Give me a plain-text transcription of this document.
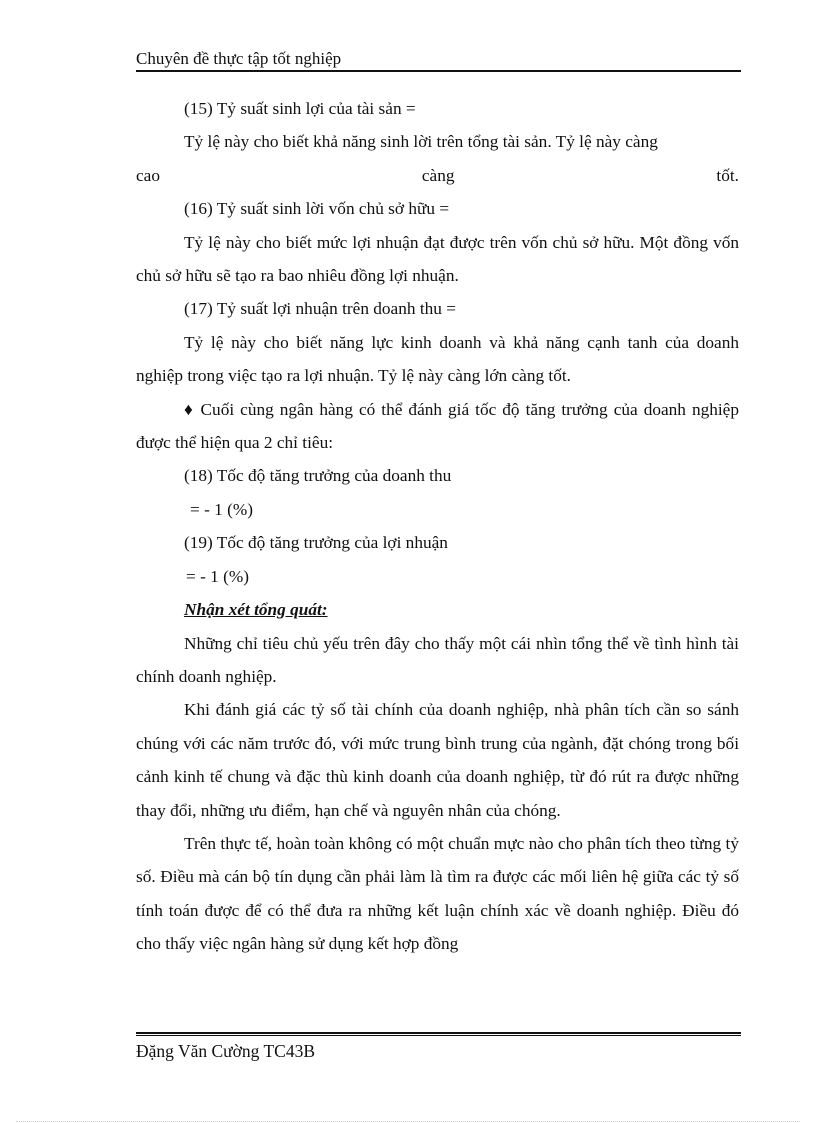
Chuyên đề thực tập tốt nghiệp

(15) Tỷ suất sinh lợi của tài sản =

Tỷ lệ này cho biết khả năng sinh lời trên tổng tài sản. Tỷ lệ này càng

cao	càng	tốt.

(16) Tỷ suất sinh lời vốn chủ sở hữu =

Tỷ lệ này cho biết mức lợi nhuận đạt được trên vốn chủ sở hữu. Một đồng vốn chủ sở hữu sẽ tạo ra bao nhiêu đồng lợi nhuận.

(17) Tỷ suất lợi nhuận trên doanh thu =

Tỷ lệ này cho biết năng lực kinh doanh và khả năng cạnh tanh của doanh nghiệp trong việc tạo ra lợi nhuận. Tỷ lệ này càng lớn càng tốt.

♦ Cuối cùng ngân hàng có thể đánh giá tốc độ tăng trưởng của doanh nghiệp được thể hiện qua 2 chỉ tiêu:

(18) Tốc độ tăng trưởng của doanh thu

= - 1 (%)

(19) Tốc độ tăng trưởng của lợi nhuận

= - 1 (%)

Nhận xét tổng quát:

Những chỉ tiêu chủ yếu trên đây cho thấy một cái nhìn tổng thể về tình hình tài chính doanh nghiệp.

Khi đánh giá các tỷ số tài chính của doanh nghiệp, nhà phân tích cần so sánh chúng với các năm trước đó, với mức trung bình trung của ngành, đặt chóng trong bối cảnh kinh tế chung và đặc thù kinh doanh của doanh nghiệp, từ đó rút ra được những thay đổi, những ưu điểm, hạn chế và nguyên nhân của chóng.

Trên thực tế, hoàn toàn không có một chuẩn mực nào cho phân tích theo từng tỷ số. Điều mà cán bộ tín dụng cần phải làm là tìm ra được các mối liên hệ giữa các tỷ số tính toán được để có thể đưa ra những kết luận chính xác về doanh nghiệp. Điều đó cho thấy việc ngân hàng sử dụng kết hợp đồng

Đặng Văn Cường TC43B
